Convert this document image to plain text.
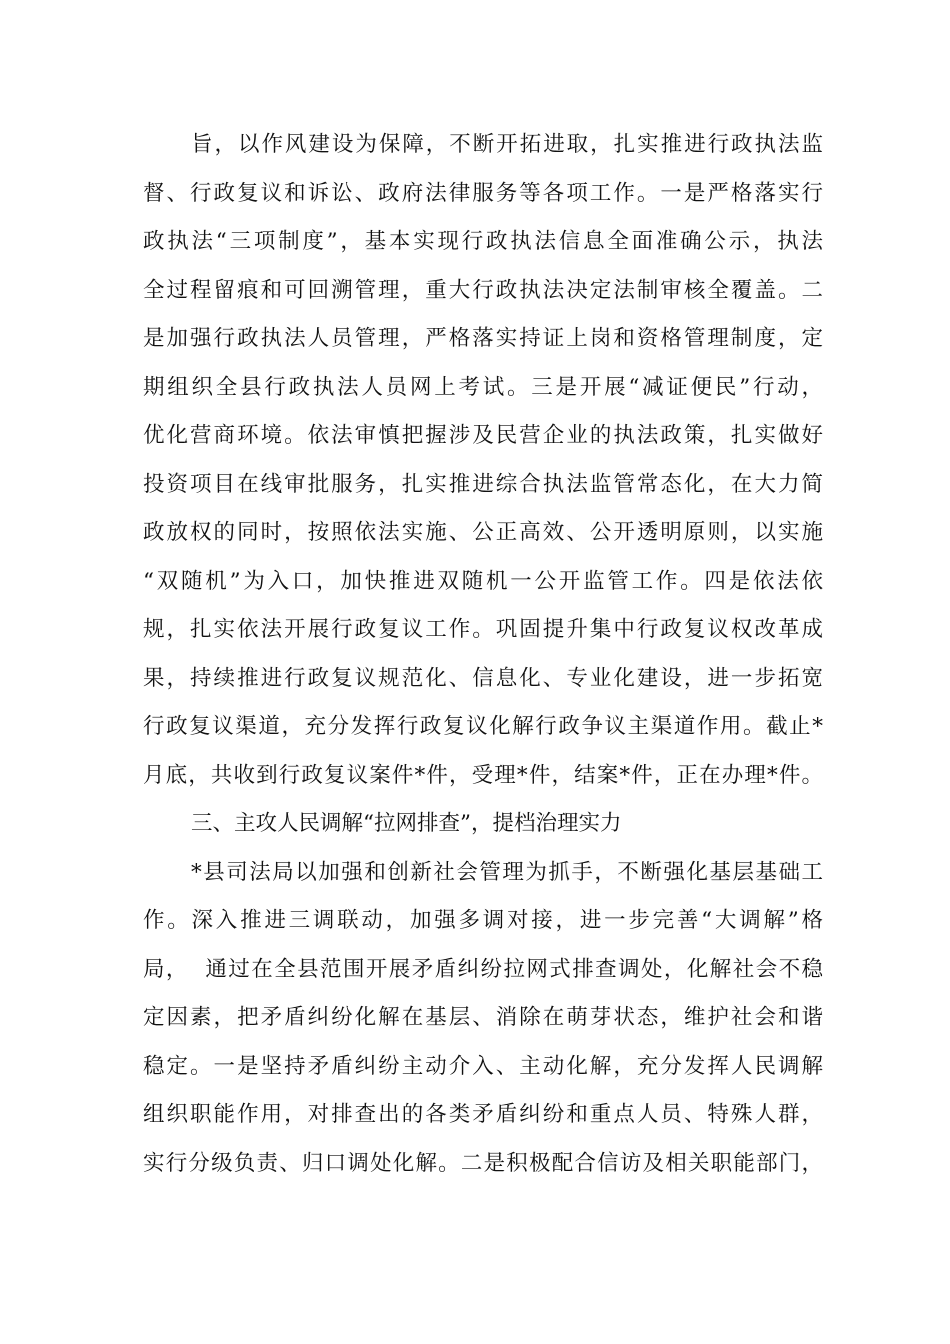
旨，以作风建设为保障，不断开拓进取，扎实推进行政执法监
督、行政复议和诉讼、政府法律服务等各项工作。一是严格落实行
政执法“三项制度”，基本实现行政执法信息全面准确公示，执法
全过程留痕和可回溯管理，重大行政执法决定法制审核全覆盖。二
是加强行政执法人员管理，严格落实持证上岗和资格管理制度，定
期组织全县行政执法人员网上考试。三是开展“减证便民”行动，
优化营商环境。依法审慎把握涉及民营企业的执法政策，扎实做好
投资项目在线审批服务，扎实推进综合执法监管常态化，在大力简
政放权的同时，按照依法实施、公正高效、公开透明原则，以实施
“双随机”为入口，加快推进双随机一公开监管工作。四是依法依
规，扎实依法开展行政复议工作。巩固提升集中行政复议权改革成
果，持续推进行政复议规范化、信息化、专业化建设，进一步拓宽
行政复议渠道，充分发挥行政复议化解行政争议主渠道作用。截止*
月底，共收到行政复议案件*件，受理*件，结案*件，正在办理*件。
三、主攻人民调解“拉网排查”，提档治理实力
*县司法局以加强和创新社会管理为抓手，不断强化基层基础工
作。深入推进三调联动，加强多调对接，进一步完善“大调解”格
局，  通过在全县范围开展矛盾纠纷拉网式排查调处，化解社会不稳
定因素，把矛盾纠纷化解在基层、消除在萌芽状态，维护社会和谐
稳定。一是坚持矛盾纠纷主动介入、主动化解，充分发挥人民调解
组织职能作用，对排查出的各类矛盾纠纷和重点人员、特殊人群，
实行分级负责、归口调处化解。二是积极配合信访及相关职能部门，
